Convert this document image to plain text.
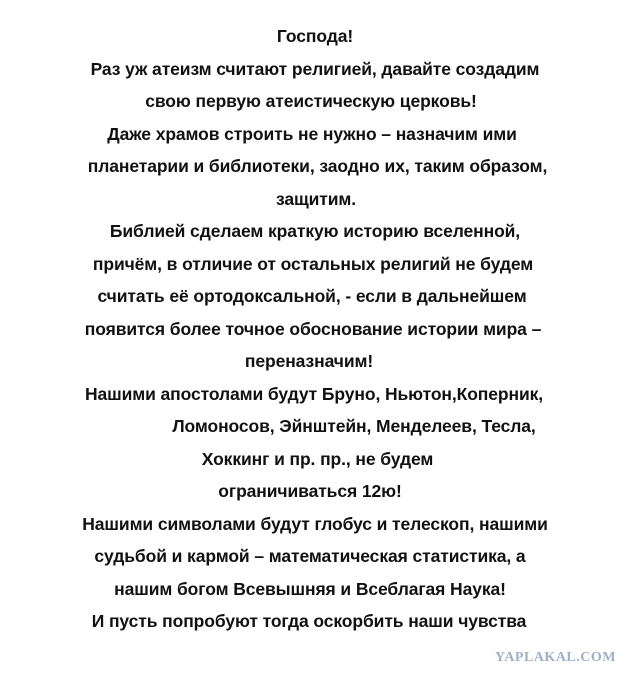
Господа!
Раз уж атеизм считают религией, давайте создадим
свою первую атеистическую церковь!
Даже храмов строить не нужно – назначим ими
планетарии и библиотеки, заодно их, таким образом,
защитим.
Библией сделаем краткую историю вселенной,
причём, в отличие от остальных религий не будем
считать её ортодоксальной, - если в дальнейшем
появится более точное обоснование истории мира –
переназначим!
Нашими апостолами будут Бруно, Ньютон,Коперник,
Ломоносов, Эйнштейн, Менделеев, Тесла,
Хоккинг и пр. пр., не будем
ограничиваться 12ю!
Нашими символами будут глобус и телескоп, нашими
судьбой и кармой – математическая статистика, а
нашим богом Всевышняя и Всеблагая Наука!
И пусть попробуют тогда оскорбить наши чувства
YAPLAKAL.COM
